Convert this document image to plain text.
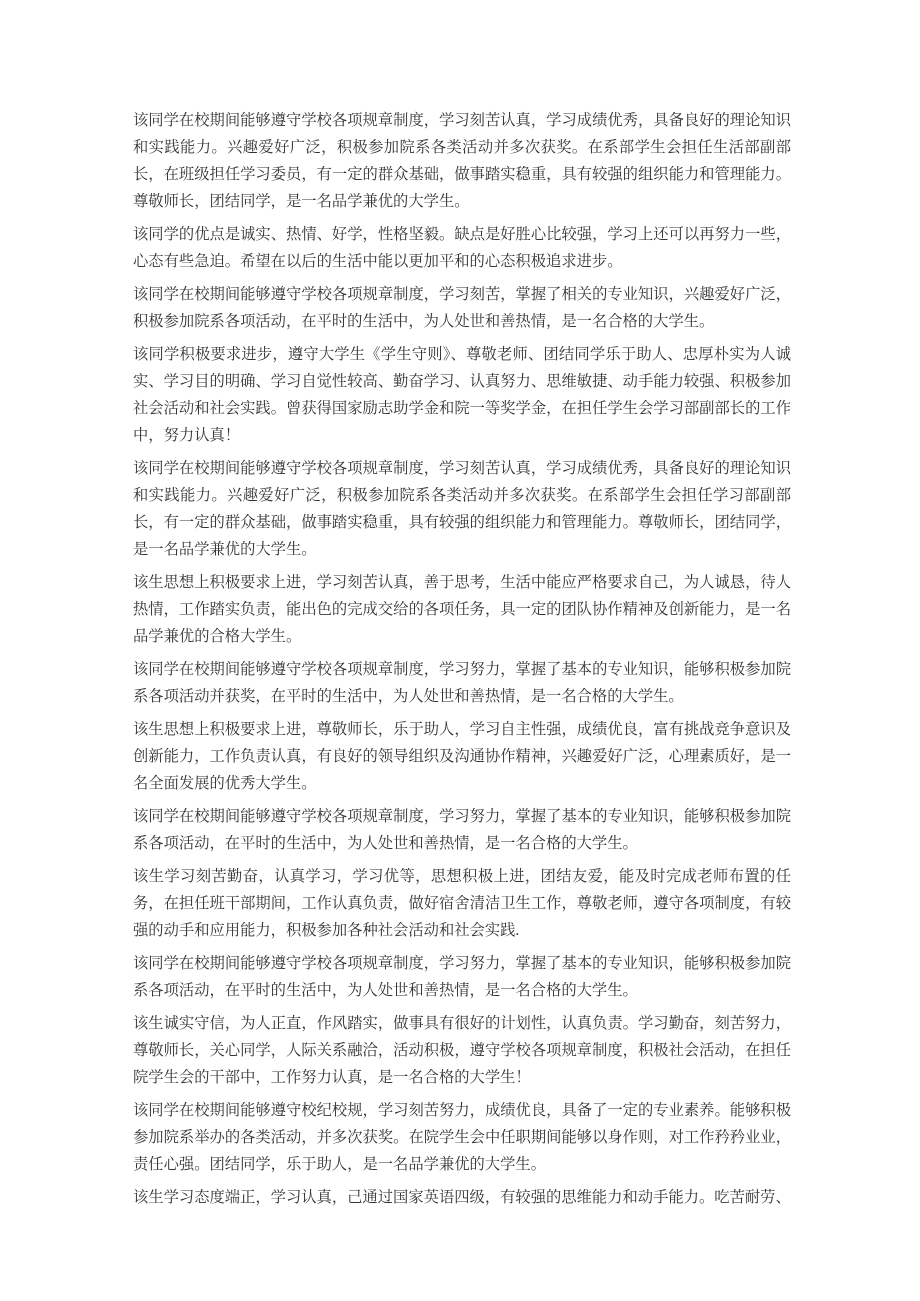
该同学在校期间能够遵守学校各项规章制度，学习刻苦认真，学习成绩优秀，具备良好的理论知识和实践能力。兴趣爱好广泛，积极参加院系各类活动并多次获奖。在系部学生会担任生活部副部长，在班级担任学习委员，有一定的群众基础，做事踏实稳重，具有较强的组织能力和管理能力。尊敬师长，团结同学，是一名品学兼优的大学生。

该同学的优点是诚实、热情、好学，性格坚毅。缺点是好胜心比较强，学习上还可以再努力一些，心态有些急迫。希望在以后的生活中能以更加平和的心态积极追求进步。

该同学在校期间能够遵守学校各项规章制度，学习刻苦，掌握了相关的专业知识，兴趣爱好广泛，积极参加院系各项活动，在平时的生活中，为人处世和善热情，是一名合格的大学生。

该同学积极要求进步，遵守大学生《学生守则》、尊敬老师、团结同学乐于助人、忠厚朴实为人诚实、学习目的明确、学习自觉性较高、勤奋学习、认真努力、思维敏捷、动手能力较强、积极参加社会活动和社会实践。曾获得国家励志助学金和院一等奖学金，在担任学生会学习部副部长的工作中，努力认真！

该同学在校期间能够遵守学校各项规章制度，学习刻苦认真，学习成绩优秀，具备良好的理论知识和实践能力。兴趣爱好广泛，积极参加院系各类活动并多次获奖。在系部学生会担任学习部副部长，有一定的群众基础，做事踏实稳重，具有较强的组织能力和管理能力。尊敬师长，团结同学，是一名品学兼优的大学生。

该生思想上积极要求上进，学习刻苦认真，善于思考，生活中能应严格要求自己，为人诚恳，待人热情，工作踏实负责，能出色的完成交给的各项任务，具一定的团队协作精神及创新能力，是一名品学兼优的合格大学生。

该同学在校期间能够遵守学校各项规章制度，学习努力，掌握了基本的专业知识，能够积极参加院系各项活动并获奖，在平时的生活中，为人处世和善热情，是一名合格的大学生。

该生思想上积极要求上进，尊敬师长，乐于助人，学习自主性强，成绩优良，富有挑战竞争意识及创新能力，工作负责认真，有良好的领导组织及沟通协作精神，兴趣爱好广泛，心理素质好，是一名全面发展的优秀大学生。

该同学在校期间能够遵守学校各项规章制度，学习努力，掌握了基本的专业知识，能够积极参加院系各项活动，在平时的生活中，为人处世和善热情，是一名合格的大学生。

该生学习刻苦勤奋，认真学习，学习优等，思想积极上进，团结友爱，能及时完成老师布置的任务，在担任班干部期间，工作认真负责，做好宿舍清洁卫生工作，尊敬老师，遵守各项制度，有较强的动手和应用能力，积极参加各种社会活动和社会实践.

该同学在校期间能够遵守学校各项规章制度，学习努力，掌握了基本的专业知识，能够积极参加院系各项活动，在平时的生活中，为人处世和善热情，是一名合格的大学生。

该生诚实守信，为人正直，作风踏实，做事具有很好的计划性，认真负责。学习勤奋，刻苦努力，尊敬师长，关心同学，人际关系融洽，活动积极，遵守学校各项规章制度，积极社会活动，在担任院学生会的干部中，工作努力认真，是一名合格的大学生！

该同学在校期间能够遵守校纪校规，学习刻苦努力，成绩优良，具备了一定的专业素养。能够积极参加院系举办的各类活动，并多次获奖。在院学生会中任职期间能够以身作则，对工作矜矜业业，责任心强。团结同学，乐于助人，是一名品学兼优的大学生。

该生学习态度端正，学习认真，己通过国家英语四级，有较强的思维能力和动手能力。吃苦耐劳、
